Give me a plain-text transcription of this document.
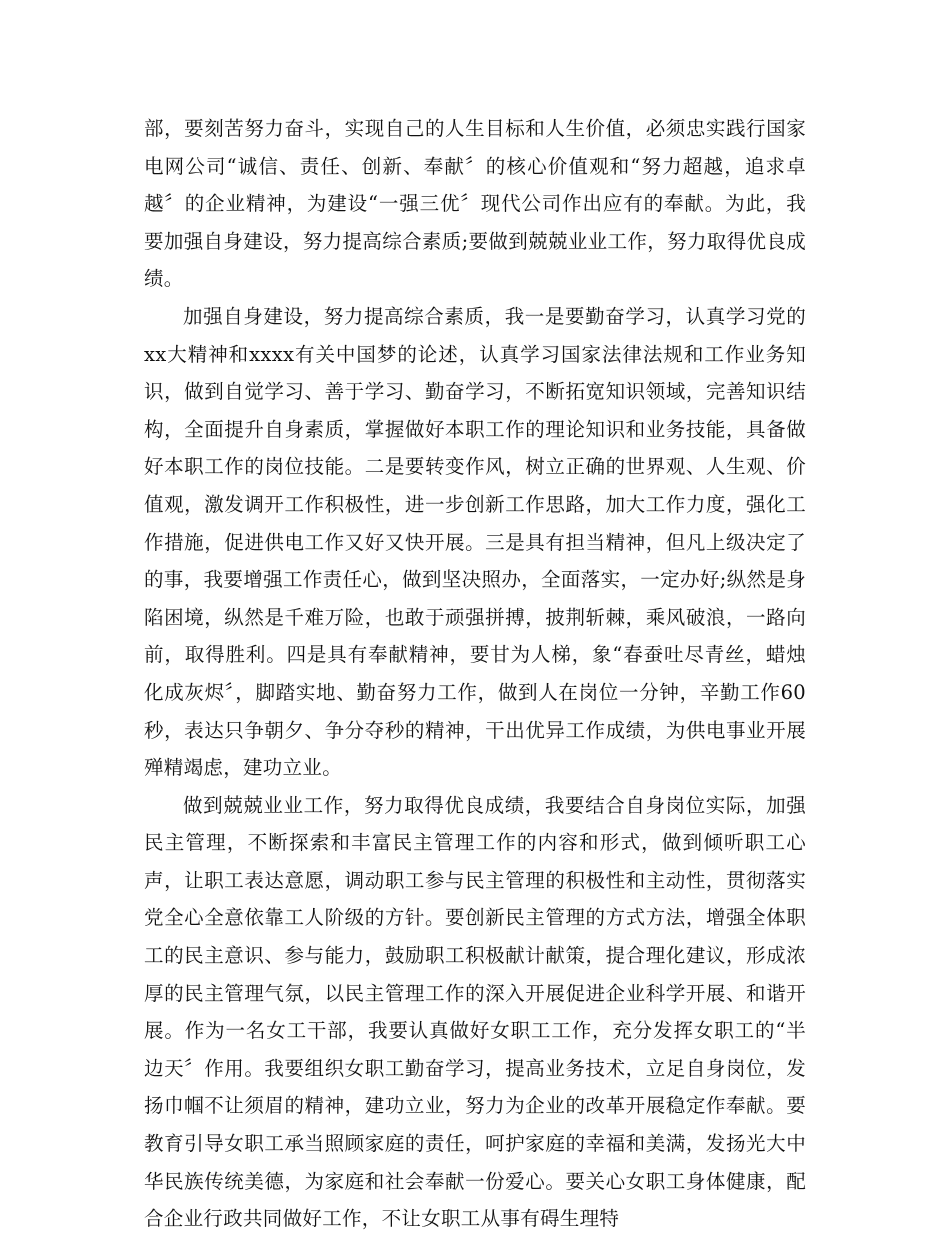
部，要刻苦努力奋斗，实现自己的人生目标和人生价值，必须忠实践行国家电网公司“诚信、责任、创新、奉献〞的核心价值观和“努力超越，追求卓越〞的企业精神，为建设“一强三优〞现代公司作出应有的奉献。为此，我要加强自身建设，努力提高综合素质;要做到兢兢业业工作，努力取得优良成绩。

加强自身建设，努力提高综合素质，我一是要勤奋学习，认真学习党的xx大精神和xxxx有关中国梦的论述，认真学习国家法律法规和工作业务知识，做到自觉学习、善于学习、勤奋学习，不断拓宽知识领域，完善知识结构，全面提升自身素质，掌握做好本职工作的理论知识和业务技能，具备做好本职工作的岗位技能。二是要转变作风，树立正确的世界观、人生观、价值观，激发调开工作积极性，进一步创新工作思路，加大工作力度，强化工作措施，促进供电工作又好又快开展。三是具有担当精神，但凡上级决定了的事，我要增强工作责任心，做到坚决照办，全面落实，一定办好;纵然是身陷困境，纵然是千难万险，也敢于顽强拼搏，披荆斩棘，乘风破浪，一路向前，取得胜利。四是具有奉献精神，要甘为人梯，象“春蚕吐尽青丝，蜡烛化成灰烬〞，脚踏实地、勤奋努力工作，做到人在岗位一分钟，辛勤工作60秒，表达只争朝夕、争分夺秒的精神，干出优异工作成绩，为供电事业开展殚精竭虑，建功立业。

做到兢兢业业工作，努力取得优良成绩，我要结合自身岗位实际，加强民主管理，不断探索和丰富民主管理工作的内容和形式，做到倾听职工心声，让职工表达意愿，调动职工参与民主管理的积极性和主动性，贯彻落实党全心全意依靠工人阶级的方针。要创新民主管理的方式方法，增强全体职工的民主意识、参与能力，鼓励职工积极献计献策，提合理化建议，形成浓厚的民主管理气氛，以民主管理工作的深入开展促进企业科学开展、和谐开展。作为一名女工干部，我要认真做好女职工工作，充分发挥女职工的“半边天〞作用。我要组织女职工勤奋学习，提高业务技术，立足自身岗位，发扬巾帼不让须眉的精神，建功立业，努力为企业的改革开展稳定作奉献。要教育引导女职工承当照顾家庭的责任，呵护家庭的幸福和美满，发扬光大中华民族传统美德，为家庭和社会奉献一份爱心。要关心女职工身体健康，配合企业行政共同做好工作，不让女职工从事有碍生理特
